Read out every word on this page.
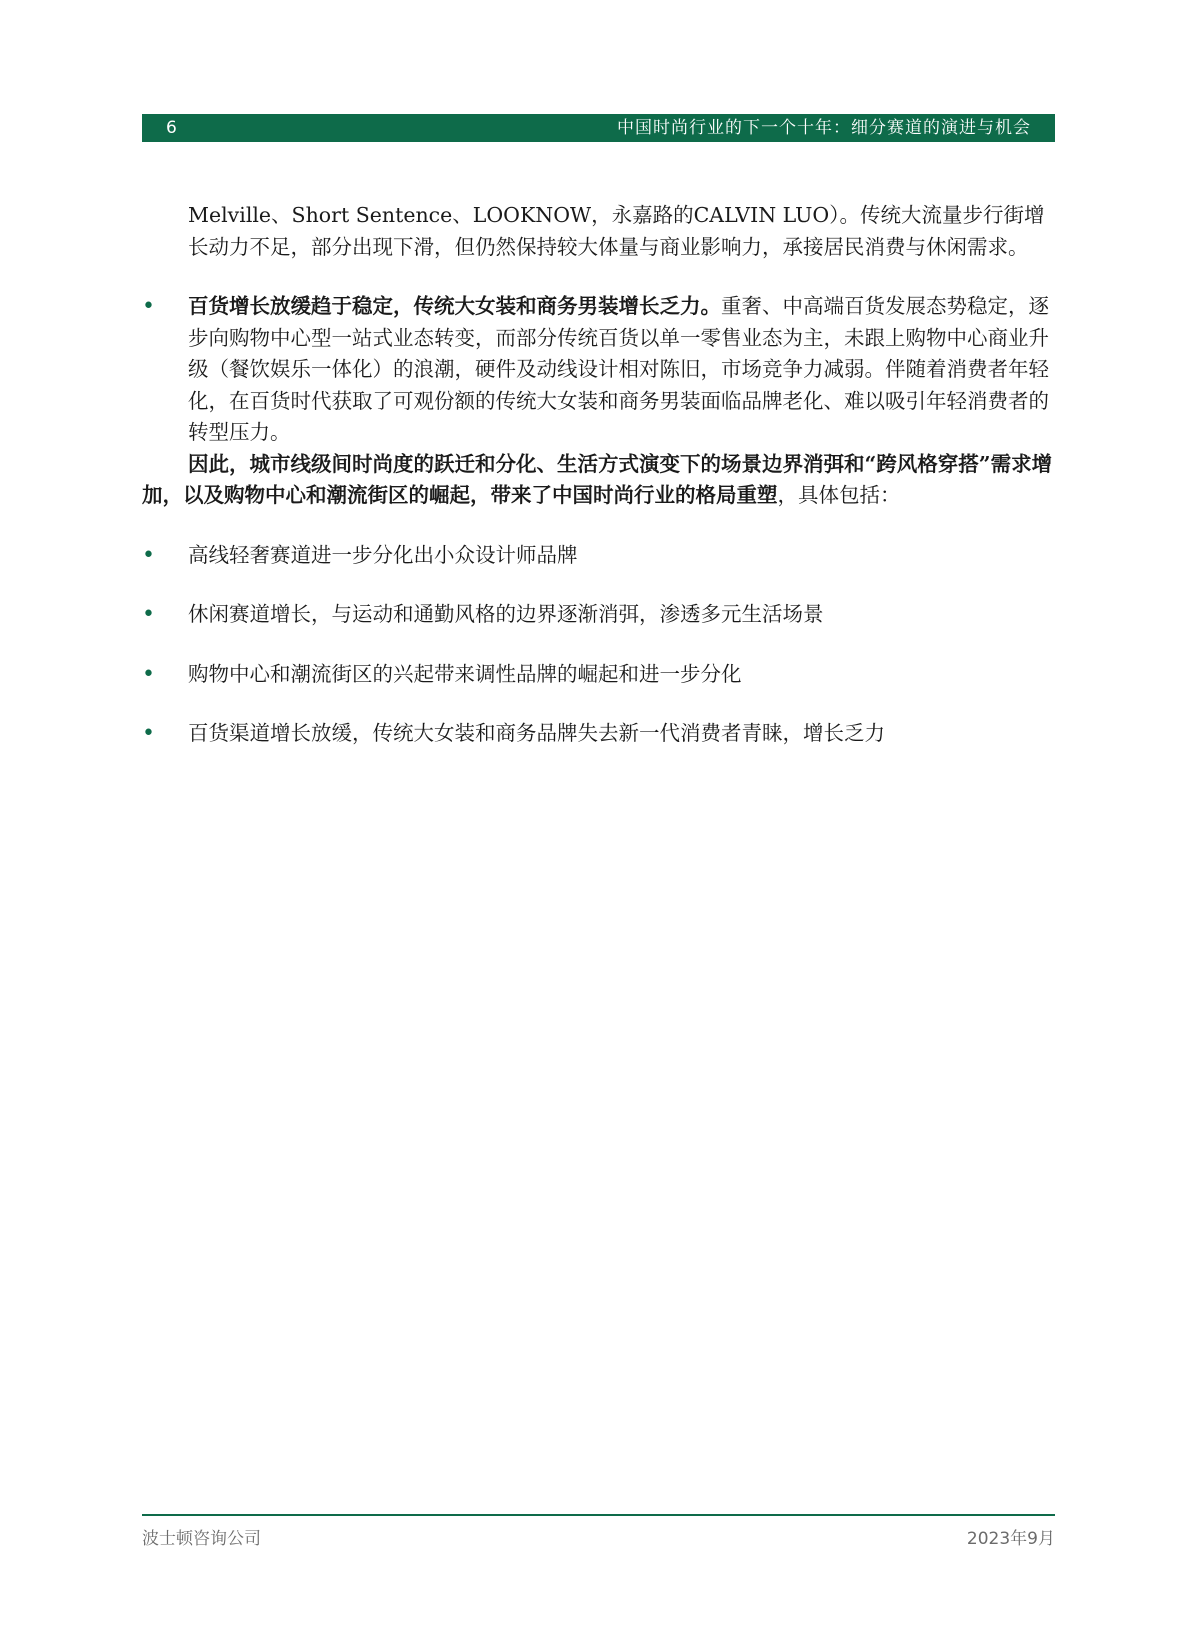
6	中国时尚行业的下一个十年：细分赛道的演进与机会

Melville、Short Sentence、LOOKNOW，永嘉路的CALVIN LUO）。传统大流量步行街增长动力不足，部分出现下滑，但仍然保持较大体量与商业影响力，承接居民消费与休闲需求。

• 百货增长放缓趋于稳定，传统大女装和商务男装增长乏力。重奢、中高端百货发展态势稳定，逐步向购物中心型一站式业态转变，而部分传统百货以单一零售业态为主，未跟上购物中心商业升级（餐饮娱乐一体化）的浪潮，硬件及动线设计相对陈旧，市场竞争力减弱。伴随着消费者年轻化，在百货时代获取了可观份额的传统大女装和商务男装面临品牌老化、难以吸引年轻消费者的转型压力。

因此，城市线级间时尚度的跃迁和分化、生活方式演变下的场景边界消弭和“跨风格穿搭”需求增加，以及购物中心和潮流街区的崛起，带来了中国时尚行业的格局重塑，具体包括：

• 高线轻奢赛道进一步分化出小众设计师品牌
• 休闲赛道增长，与运动和通勤风格的边界逐渐消弭，渗透多元生活场景
• 购物中心和潮流街区的兴起带来调性品牌的崛起和进一步分化
• 百货渠道增长放缓，传统大女装和商务品牌失去新一代消费者青睐，增长乏力
波士顿咨询公司	2023年9月
